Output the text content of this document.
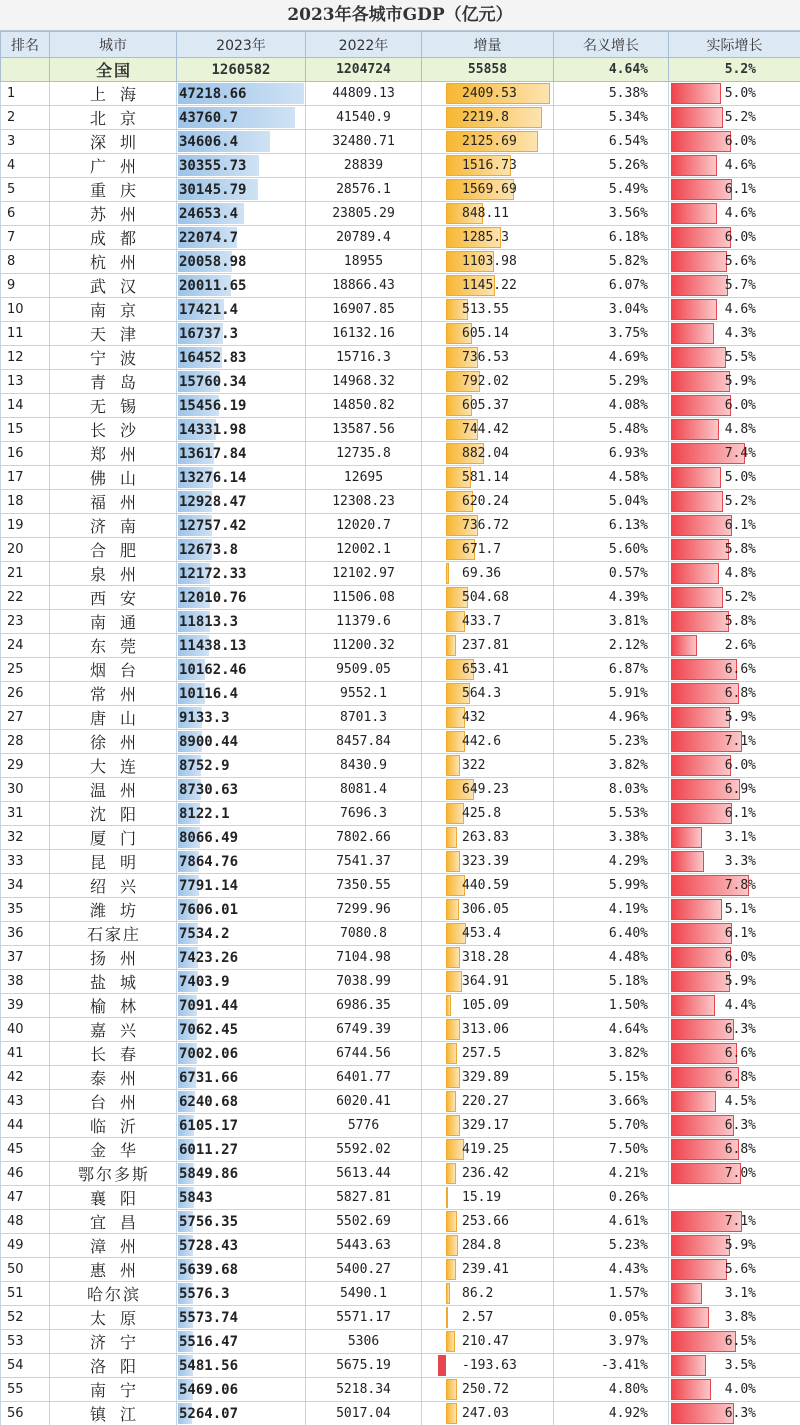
2023年各城市GDP（亿元）
排名	城市	2023年	2022年	增量	名义增长	实际增长
	全国	1260582	1204724	55858	4.64%	5.2%
1	上海	47218.66	44809.13	2409.53	5.38%	5.0%
2	北京	43760.7	41540.9	2219.8	5.34%	5.2%
3	深圳	34606.4	32480.71	2125.69	6.54%	6.0%
4	广州	30355.73	28839	1516.73	5.26%	4.6%
5	重庆	30145.79	28576.1	1569.69	5.49%	6.1%
6	苏州	24653.4	23805.29	848.11	3.56%	4.6%
7	成都	22074.7	20789.4	1285.3	6.18%	6.0%
8	杭州	20058.98	18955	1103.98	5.82%	5.6%
9	武汉	20011.65	18866.43	1145.22	6.07%	5.7%
10	南京	17421.4	16907.85	513.55	3.04%	4.6%
11	天津	16737.3	16132.16	605.14	3.75%	4.3%
12	宁波	16452.83	15716.3	736.53	4.69%	5.5%
13	青岛	15760.34	14968.32	792.02	5.29%	5.9%
14	无锡	15456.19	14850.82	605.37	4.08%	6.0%
15	长沙	14331.98	13587.56	744.42	5.48%	4.8%
16	郑州	13617.84	12735.8	882.04	6.93%	7.4%
17	佛山	13276.14	12695	581.14	4.58%	5.0%
18	福州	12928.47	12308.23	620.24	5.04%	5.2%
19	济南	12757.42	12020.7	736.72	6.13%	6.1%
20	合肥	12673.8	12002.1	671.7	5.60%	5.8%
21	泉州	12172.33	12102.97	69.36	0.57%	4.8%
22	西安	12010.76	11506.08	504.68	4.39%	5.2%
23	南通	11813.3	11379.6	433.7	3.81%	5.8%
24	东莞	11438.13	11200.32	237.81	2.12%	2.6%
25	烟台	10162.46	9509.05	653.41	6.87%	6.6%
26	常州	10116.4	9552.1	564.3	5.91%	6.8%
27	唐山	9133.3	8701.3	432	4.96%	5.9%
28	徐州	8900.44	8457.84	442.6	5.23%	7.1%
29	大连	8752.9	8430.9	322	3.82%	6.0%
30	温州	8730.63	8081.4	649.23	8.03%	6.9%
31	沈阳	8122.1	7696.3	425.8	5.53%	6.1%
32	厦门	8066.49	7802.66	263.83	3.38%	3.1%
33	昆明	7864.76	7541.37	323.39	4.29%	3.3%
34	绍兴	7791.14	7350.55	440.59	5.99%	7.8%
35	潍坊	7606.01	7299.96	306.05	4.19%	5.1%
36	石家庄	7534.2	7080.8	453.4	6.40%	6.1%
37	扬州	7423.26	7104.98	318.28	4.48%	6.0%
38	盐城	7403.9	7038.99	364.91	5.18%	5.9%
39	榆林	7091.44	6986.35	105.09	1.50%	4.4%
40	嘉兴	7062.45	6749.39	313.06	4.64%	6.3%
41	长春	7002.06	6744.56	257.5	3.82%	6.6%
42	泰州	6731.66	6401.77	329.89	5.15%	6.8%
43	台州	6240.68	6020.41	220.27	3.66%	4.5%
44	临沂	6105.17	5776	329.17	5.70%	6.3%
45	金华	6011.27	5592.02	419.25	7.50%	6.8%
46	鄂尔多斯	5849.86	5613.44	236.42	4.21%	7.0%
47	襄阳	5843	5827.81	15.19	0.26%	
48	宜昌	5756.35	5502.69	253.66	4.61%	7.1%
49	漳州	5728.43	5443.63	284.8	5.23%	5.9%
50	惠州	5639.68	5400.27	239.41	4.43%	5.6%
51	哈尔滨	5576.3	5490.1	86.2	1.57%	3.1%
52	太原	5573.74	5571.17	2.57	0.05%	3.8%
53	济宁	5516.47	5306	210.47	3.97%	6.5%
54	洛阳	5481.56	5675.19	-193.63	-3.41%	3.5%
55	南宁	5469.06	5218.34	250.72	4.80%	4.0%
56	镇江	5264.07	5017.04	247.03	4.92%	6.3%
